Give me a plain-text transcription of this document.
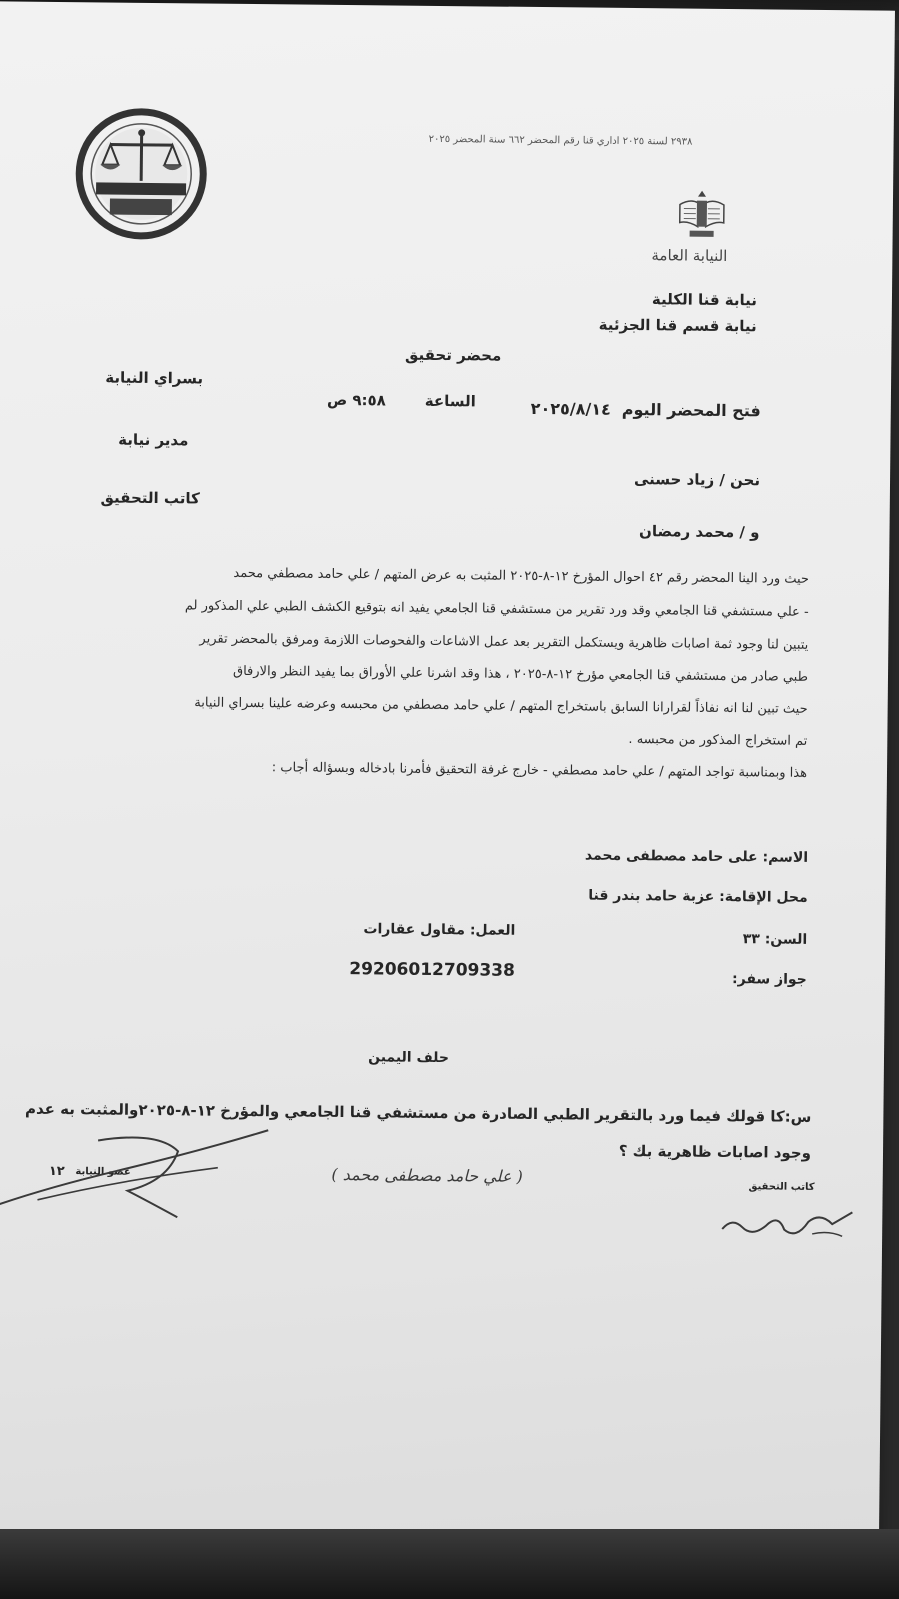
٢٩٣٨ لسنة ٢٠٢٥ اداري قنا رقم المحضر ٦٦٢ سنة المحضر ٢٠٢٥
النيابة العامة
نيابة قنا الكلية
نيابة قسم قنا الجزئية
محضر تحقيق
فتح المحضر اليوم
٢٠٢٥/٨/١٤
الساعة
٩:٥٨ ص
بسراي النيابة
مدير نيابة
كاتب التحقيق
نحن / زياد حسنى
و / محمد رمضان
حيث ورد الينا المحضر رقم ٤٢ احوال المؤرخ ١٢-٨-٢٠٢٥ المثبت به عرض المتهم / علي حامد مصطفي محمد
- علي مستشفي قنا الجامعي وقد ورد تقرير من مستشفي قنا الجامعي يفيد انه بتوقيع الكشف الطبي علي المذكور لم
يتبين لنا وجود ثمة اصابات ظاهرية ويستكمل التقرير بعد عمل الاشاعات والفحوصات اللازمة ومرفق بالمحضر تقرير
طبي صادر من مستشفي قنا الجامعي مؤرخ ١٢-٨-٢٠٢٥ ، هذا وقد اشرنا علي الأوراق بما يفيد النظر والارفاق
حيث تبين لنا انه نفاذاً لقرارانا السابق باستخراج المتهم / علي حامد مصطفي من محبسه وعرضه علينا بسراي النيابة
تم استخراج المذكور من محبسه .
هذا وبمناسبة تواجد المتهم / علي حامد مصطفي - خارج غرفة التحقيق فأمرنا بادخاله وبسؤاله أجاب :
الاسم: على حامد مصطفى محمد
محل الإقامة: عزبة حامد بندر قنا
السن: ٣٣
العمل: مقاول عقارات
جواز سفر:
29206012709338
حلف اليمين
س:كا قولك فيما ورد بالتقرير الطبي الصادرة من مستشفي قنا الجامعي والمؤرخ ١٢-٨-٢٠٢٥والمثبت به عدم
وجود اصابات ظاهرية بك ؟
١٢ عضو النيابة
كاتب التحقيق
( علي حامد مصطفى محمد )
